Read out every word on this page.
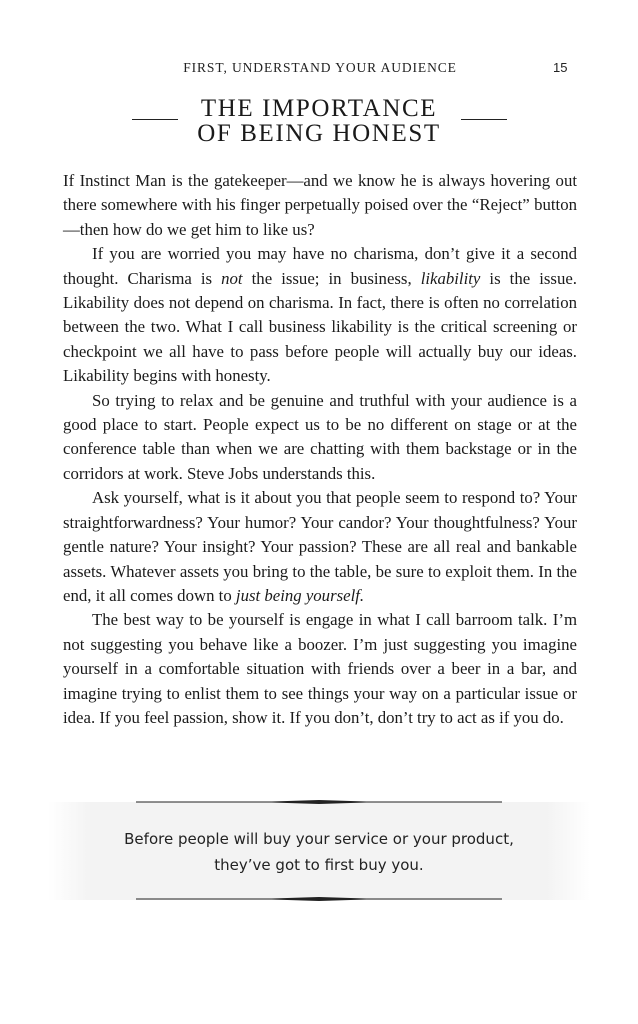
FIRST, UNDERSTAND YOUR AUDIENCE	15
THE IMPORTANCE
OF BEING HONEST

If Instinct Man is the gatekeeper—and we know he is always hovering out there somewhere with his finger perpetually poised over the “Reject” button—then how do we get him to like us?

If you are worried you may have no charisma, don’t give it a second thought. Charisma is not the issue; in business, likability is the issue. Likability does not depend on charisma. In fact, there is often no correlation between the two. What I call business likability is the critical screening or checkpoint we all have to pass before people will actually buy our ideas. Likability begins with honesty.

So trying to relax and be genuine and truthful with your audience is a good place to start. People expect us to be no different on stage or at the conference table than when we are chatting with them backstage or in the corridors at work. Steve Jobs understands this.

Ask yourself, what is it about you that people seem to respond to? Your straightforwardness? Your humor? Your candor? Your thoughtfulness? Your gentle nature? Your insight? Your passion? These are all real and bankable assets. Whatever assets you bring to the table, be sure to exploit them. In the end, it all comes down to just being yourself.

The best way to be yourself is engage in what I call barroom talk. I’m not suggesting you behave like a boozer. I’m just suggesting you imagine yourself in a comfortable situation with friends over a beer in a bar, and imagine trying to enlist them to see things your way on a particular issue or idea. If you feel passion, show it. If you don’t, don’t try to act as if you do.

Before people will buy your service or your product,
they’ve got to first buy you.
